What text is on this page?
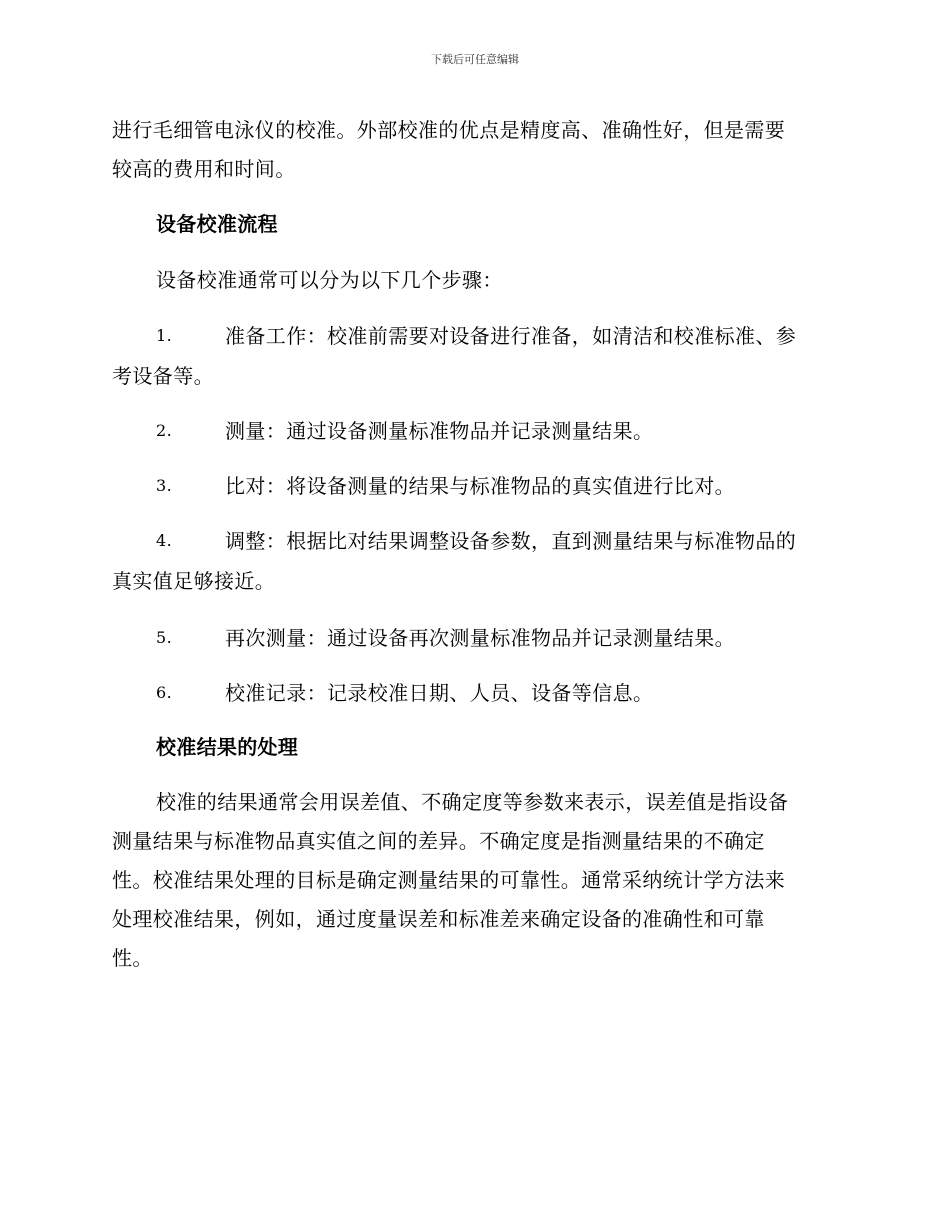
下载后可任意编辑
进行毛细管电泳仪的校准。外部校准的优点是精度高、准确性好，但是需要
较高的费用和时间。
设备校准流程
设备校准通常可以分为以下几个步骤：
1.	准备工作：校准前需要对设备进行准备，如清洁和校准标准、参
考设备等。
2.	测量：通过设备测量标准物品并记录测量结果。
3.	比对：将设备测量的结果与标准物品的真实值进行比对。
4.	调整：根据比对结果调整设备参数，直到测量结果与标准物品的
真实值足够接近。
5.	再次测量：通过设备再次测量标准物品并记录测量结果。
6.	校准记录：记录校准日期、人员、设备等信息。
校准结果的处理
校准的结果通常会用误差值、不确定度等参数来表示，误差值是指设备
测量结果与标准物品真实值之间的差异。不确定度是指测量结果的不确定
性。校准结果处理的目标是确定测量结果的可靠性。通常采纳统计学方法来
处理校准结果，例如，通过度量误差和标准差来确定设备的准确性和可靠
性。
